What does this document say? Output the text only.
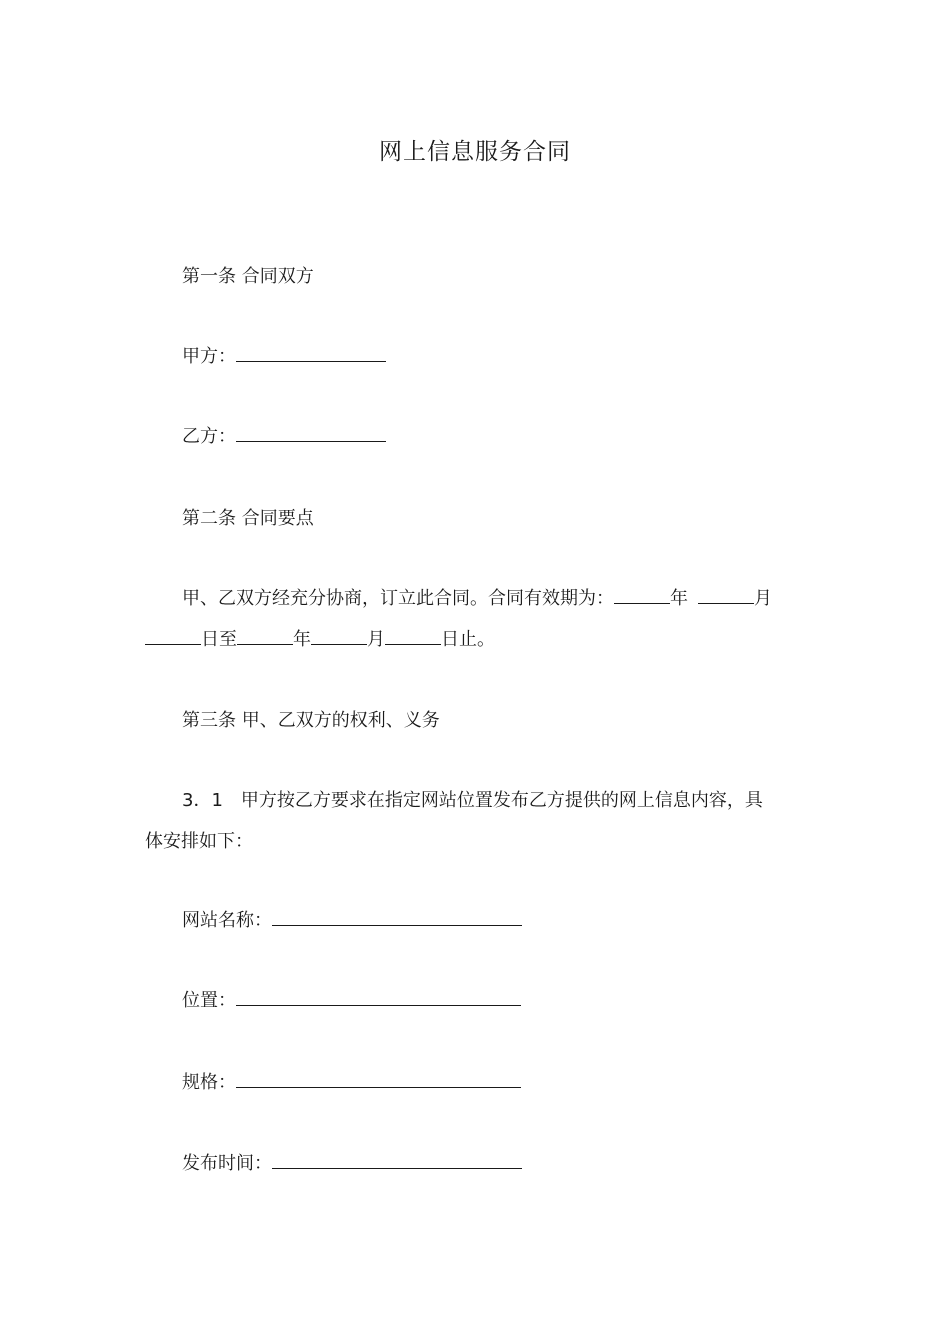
网上信息服务合同
第一条 合同双方
甲方：
乙方：
第二条 合同要点
甲、乙双方经充分协商，订立此合同。合同有效期为：	年	月
日至	年	月	日止。
第三条 甲、乙双方的权利、义务
3．1　甲方按乙方要求在指定网站位置发布乙方提供的网上信息内容，具
体安排如下：
网站名称：
位置：
规格：
发布时间：
